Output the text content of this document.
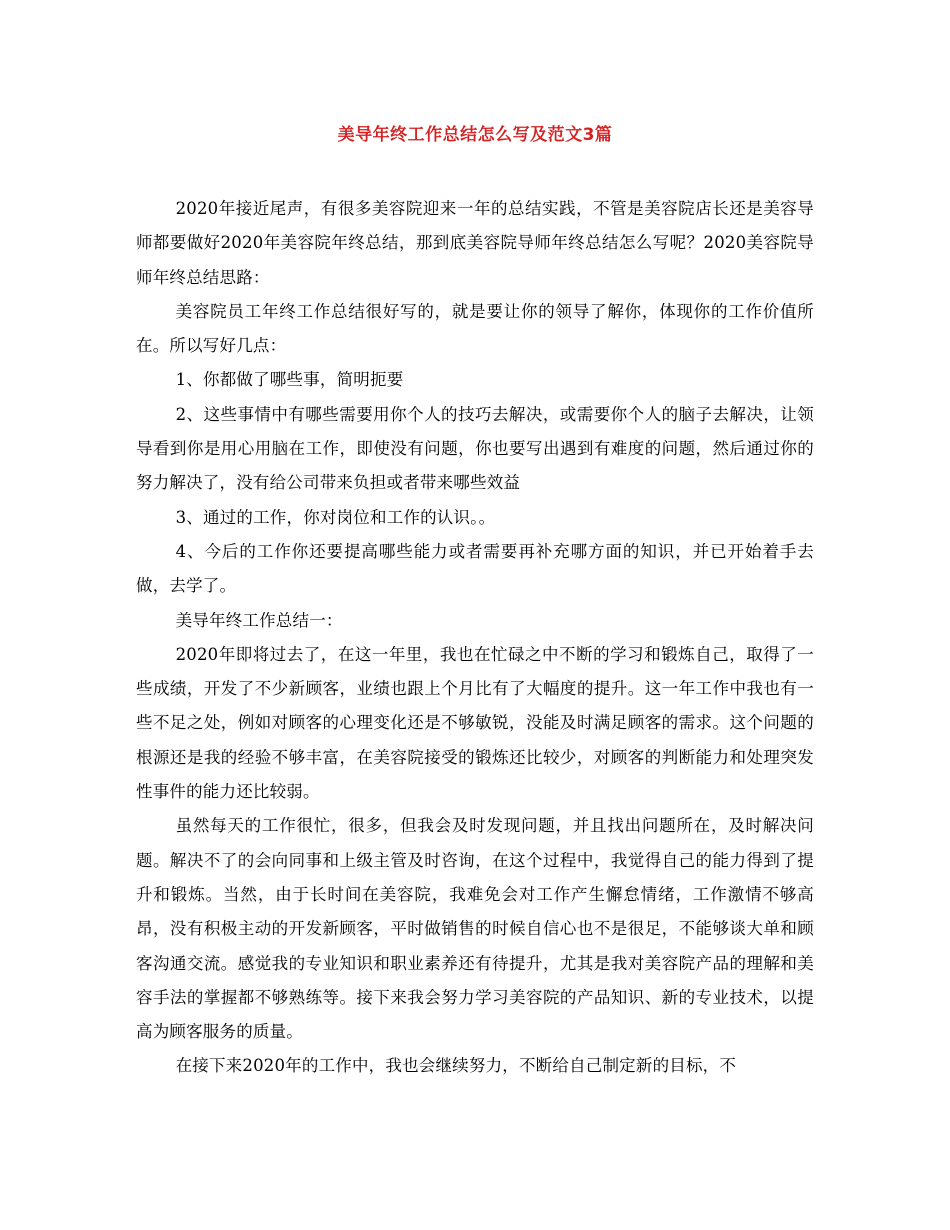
美导年终工作总结怎么写及范文3篇

2020年接近尾声，有很多美容院迎来一年的总结实践，不管是美容院店长还是美容导师都要做好2020年美容院年终总结，那到底美容院导师年终总结怎么写呢？2020美容院导师年终总结思路：

美容院员工年终工作总结很好写的，就是要让你的领导了解你，体现你的工作价值所在。所以写好几点：

1、你都做了哪些事，简明扼要

2、这些事情中有哪些需要用你个人的技巧去解决，或需要你个人的脑子去解决，让领导看到你是用心用脑在工作，即使没有问题，你也要写出遇到有难度的问题，然后通过你的努力解决了，没有给公司带来负担或者带来哪些效益

3、通过的工作，你对岗位和工作的认识。。

4、今后的工作你还要提高哪些能力或者需要再补充哪方面的知识，并已开始着手去做，去学了。

美导年终工作总结一：

2020年即将过去了，在这一年里，我也在忙碌之中不断的学习和锻炼自己，取得了一些成绩，开发了不少新顾客，业绩也跟上个月比有了大幅度的提升。这一年工作中我也有一些不足之处，例如对顾客的心理变化还是不够敏锐，没能及时满足顾客的需求。这个问题的根源还是我的经验不够丰富，在美容院接受的锻炼还比较少，对顾客的判断能力和处理突发性事件的能力还比较弱。

虽然每天的工作很忙，很多，但我会及时发现问题，并且找出问题所在，及时解决问题。解决不了的会向同事和上级主管及时咨询，在这个过程中，我觉得自己的能力得到了提升和锻炼。当然，由于长时间在美容院，我难免会对工作产生懈怠情绪，工作激情不够高昂，没有积极主动的开发新顾客，平时做销售的时候自信心也不是很足，不能够谈大单和顾客沟通交流。感觉我的专业知识和职业素养还有待提升，尤其是我对美容院产品的理解和美容手法的掌握都不够熟练等。接下来我会努力学习美容院的产品知识、新的专业技术，以提高为顾客服务的质量。

在接下来2020年的工作中，我也会继续努力，不断给自己制定新的目标，不
